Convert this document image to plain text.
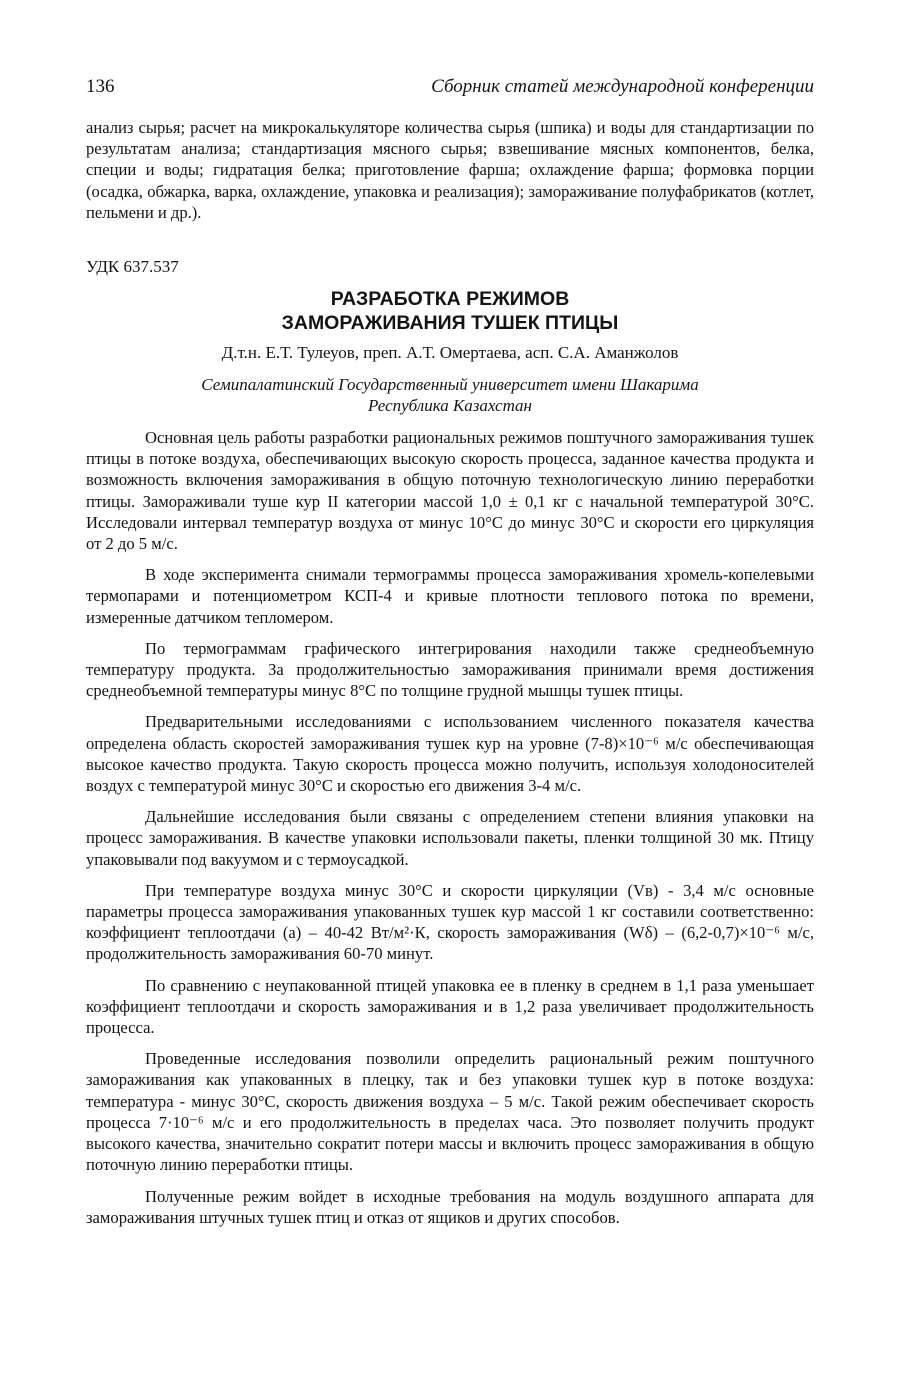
136	Сборник статей международной конференции

анализ сырья; расчет на микрокалькуляторе количества сырья (шпика) и воды для стандартизации по результатам анализа; стандартизация мясного сырья; взвешивание мясных компонентов, белка, специи и воды; гидратация белка; приготовление фарша; охлаждение фарша; формовка порции (осадка, обжарка, варка, охлаждение, упаковка и реализация); замораживание полуфабрикатов (котлет, пельмени и др.).

УДК 637.537

РАЗРАБОТКА РЕЖИМОВ

ЗАМОРАЖИВАНИЯ ТУШЕК ПТИЦЫ

Д.т.н. Е.Т. Тулеуов, преп. А.Т. Омертаева, асп. С.А. Аманжолов

Семипалатинский Государственный университет имени Шакарима

Республика Казахстан

Основная цель работы разработки рациональных режимов поштучного замораживания тушек птицы в потоке воздуха, обеспечивающих высокую скорость процесса, заданное качества продукта и возможность включения замораживания в общую поточную технологическую линию переработки птицы. Замораживали туше кур II категории массой 1,0 ± 0,1 кг с начальной температурой 30°С. Исследовали интервал температур воздуха от минус 10°С до минус 30°С и скорости его циркуляция от 2 до 5 м/с.

В ходе эксперимента снимали термограммы процесса замораживания хромель-копелевыми термопарами и потенциометром КСП-4 и кривые плотности теплового потока по времени, измеренные датчиком тепломером.

По термограммам графического интегрирования находили также среднеобъемную температуру продукта. За продолжительностью замораживания принимали время достижения среднеобъемной температуры минус 8°С по толщине грудной мышцы тушек птицы.

Предварительными исследованиями с использованием численного показателя качества определена область скоростей замораживания тушек кур на уровне (7-8)×10⁻⁶ м/с обеспечивающая высокое качество продукта. Такую скорость процесса можно получить, используя холодоносителей воздух с температурой минус 30°С и скоростью его движения 3-4 м/с.

Дальнейшие исследования были связаны с определением степени влияния упаковки на процесс замораживания. В качестве упаковки использовали пакеты, пленки толщиной 30 мк. Птицу упаковывали под вакуумом и с термоусадкой.

При температуре воздуха минус 30°С и скорости циркуляции (Vв) - 3,4 м/с основные параметры процесса замораживания упакованных тушек кур массой 1 кг составили соответственно: коэффициент теплоотдачи (а) – 40-42 Вт/м²·К, скорость замораживания (Wδ) – (6,2-0,7)×10⁻⁶ м/с, продолжительность замораживания 60-70 минут.

По сравнению с неупакованной птицей упаковка ее в пленку в среднем в 1,1 раза уменьшает коэффициент теплоотдачи и скорость замораживания и в 1,2 раза увеличивает продолжительность процесса.

Проведенные исследования позволили определить рациональный режим поштучного замораживания как упакованных в плецку, так и без упаковки тушек кур в потоке воздуха: температура - минус 30°С, скорость движения воздуха – 5 м/с. Такой режим обеспечивает скорость процесса 7·10⁻⁶ м/с и его продолжительность в пределах часа. Это позволяет получить продукт высокого качества, значительно сократит потери массы и включить процесс замораживания в общую поточную линию переработки птицы.

Полученные режим войдет в исходные требования на модуль воздушного аппарата для замораживания штучных тушек птиц и отказ от ящиков и других способов.
